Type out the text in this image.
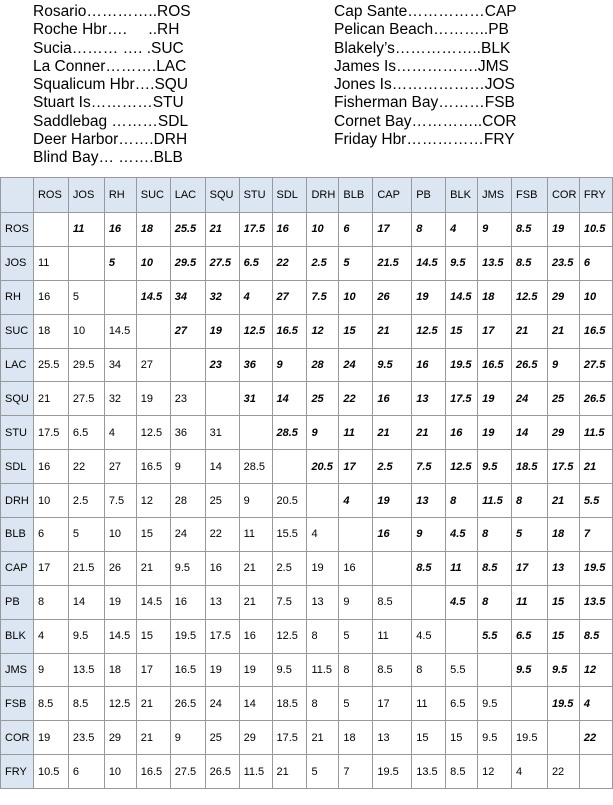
Rosario…………..ROS
Roche Hbr….     ..RH
Sucia……… …. .SUC
La Conner……….LAC
Squalicum Hbr….SQU
Stuart Is…………STU
Saddlebag ………SDL
Deer Harbor…….DRH
Blind Bay… …….BLB
Cap Sante……………CAP
Pelican Beach………..PB
Blakely’s……………..BLK
James Is…………….JMS
Jones Is………………JOS
Fisherman Bay………FSB
Cornet Bay…………..COR
Friday Hbr……………FRY
	ROS	JOS	RH	SUC	LAC	SQU	STU	SDL	DRH	BLB	CAP	PB	BLK	JMS	FSB	COR	FRY
ROS		11	16	18	25.5	21	17.5	16	10	6	17	8	4	9	8.5	19	10.5
JOS	11		5	10	29.5	27.5	6.5	22	2.5	5	21.5	14.5	9.5	13.5	8.5	23.5	6
RH	16	5		14.5	34	32	4	27	7.5	10	26	19	14.5	18	12.5	29	10
SUC	18	10	14.5		27	19	12.5	16.5	12	15	21	12.5	15	17	21	21	16.5
LAC	25.5	29.5	34	27		23	36	9	28	24	9.5	16	19.5	16.5	26.5	9	27.5
SQU	21	27.5	32	19	23		31	14	25	22	16	13	17.5	19	24	25	26.5
STU	17.5	6.5	4	12.5	36	31		28.5	9	11	21	21	16	19	14	29	11.5
SDL	16	22	27	16.5	9	14	28.5		20.5	17	2.5	7.5	12.5	9.5	18.5	17.5	21
DRH	10	2.5	7.5	12	28	25	9	20.5		4	19	13	8	11.5	8	21	5.5
BLB	6	5	10	15	24	22	11	15.5	4		16	9	4.5	8	5	18	7
CAP	17	21.5	26	21	9.5	16	21	2.5	19	16		8.5	11	8.5	17	13	19.5
PB	8	14	19	14.5	16	13	21	7.5	13	9	8.5		4.5	8	11	15	13.5
BLK	4	9.5	14.5	15	19.5	17.5	16	12.5	8	5	11	4.5		5.5	6.5	15	8.5
JMS	9	13.5	18	17	16.5	19	19	9.5	11.5	8	8.5	8	5.5		9.5	9.5	12
FSB	8.5	8.5	12.5	21	26.5	24	14	18.5	8	5	17	11	6.5	9.5		19.5	4
COR	19	23.5	29	21	9	25	29	17.5	21	18	13	15	15	9.5	19.5		22
FRY	10.5	6	10	16.5	27.5	26.5	11.5	21	5	7	19.5	13.5	8.5	12	4	22	
